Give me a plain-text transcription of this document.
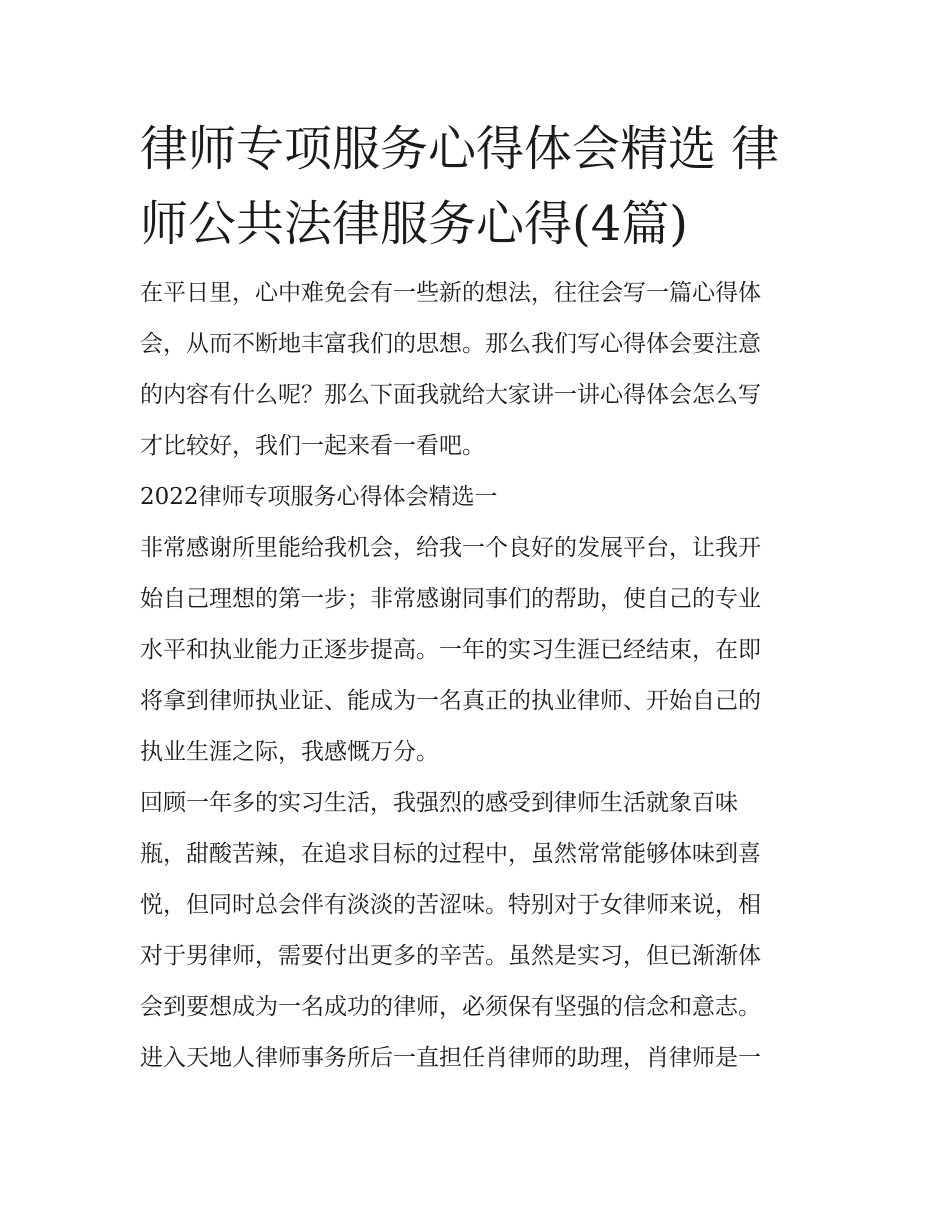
律师专项服务心得体会精选 律
师公共法律服务心得(4篇)
在平日里，心中难免会有一些新的想法，往往会写一篇心得体
会，从而不断地丰富我们的思想。那么我们写心得体会要注意
的内容有什么呢？那么下面我就给大家讲一讲心得体会怎么写
才比较好，我们一起来看一看吧。
2022律师专项服务心得体会精选一
非常感谢所里能给我机会，给我一个良好的发展平台，让我开
始自己理想的第一步；非常感谢同事们的帮助，使自己的专业
水平和执业能力正逐步提高。一年的实习生涯已经结束，在即
将拿到律师执业证、能成为一名真正的执业律师、开始自己的
执业生涯之际，我感慨万分。
回顾一年多的实习生活，我强烈的感受到律师生活就象百味
瓶，甜酸苦辣，在追求目标的过程中，虽然常常能够体味到喜
悦，但同时总会伴有淡淡的苦涩味。特别对于女律师来说，相
对于男律师，需要付出更多的辛苦。虽然是实习，但已渐渐体
会到要想成为一名成功的律师，必须保有坚强的信念和意志。
进入天地人律师事务所后一直担任肖律师的助理，肖律师是一
